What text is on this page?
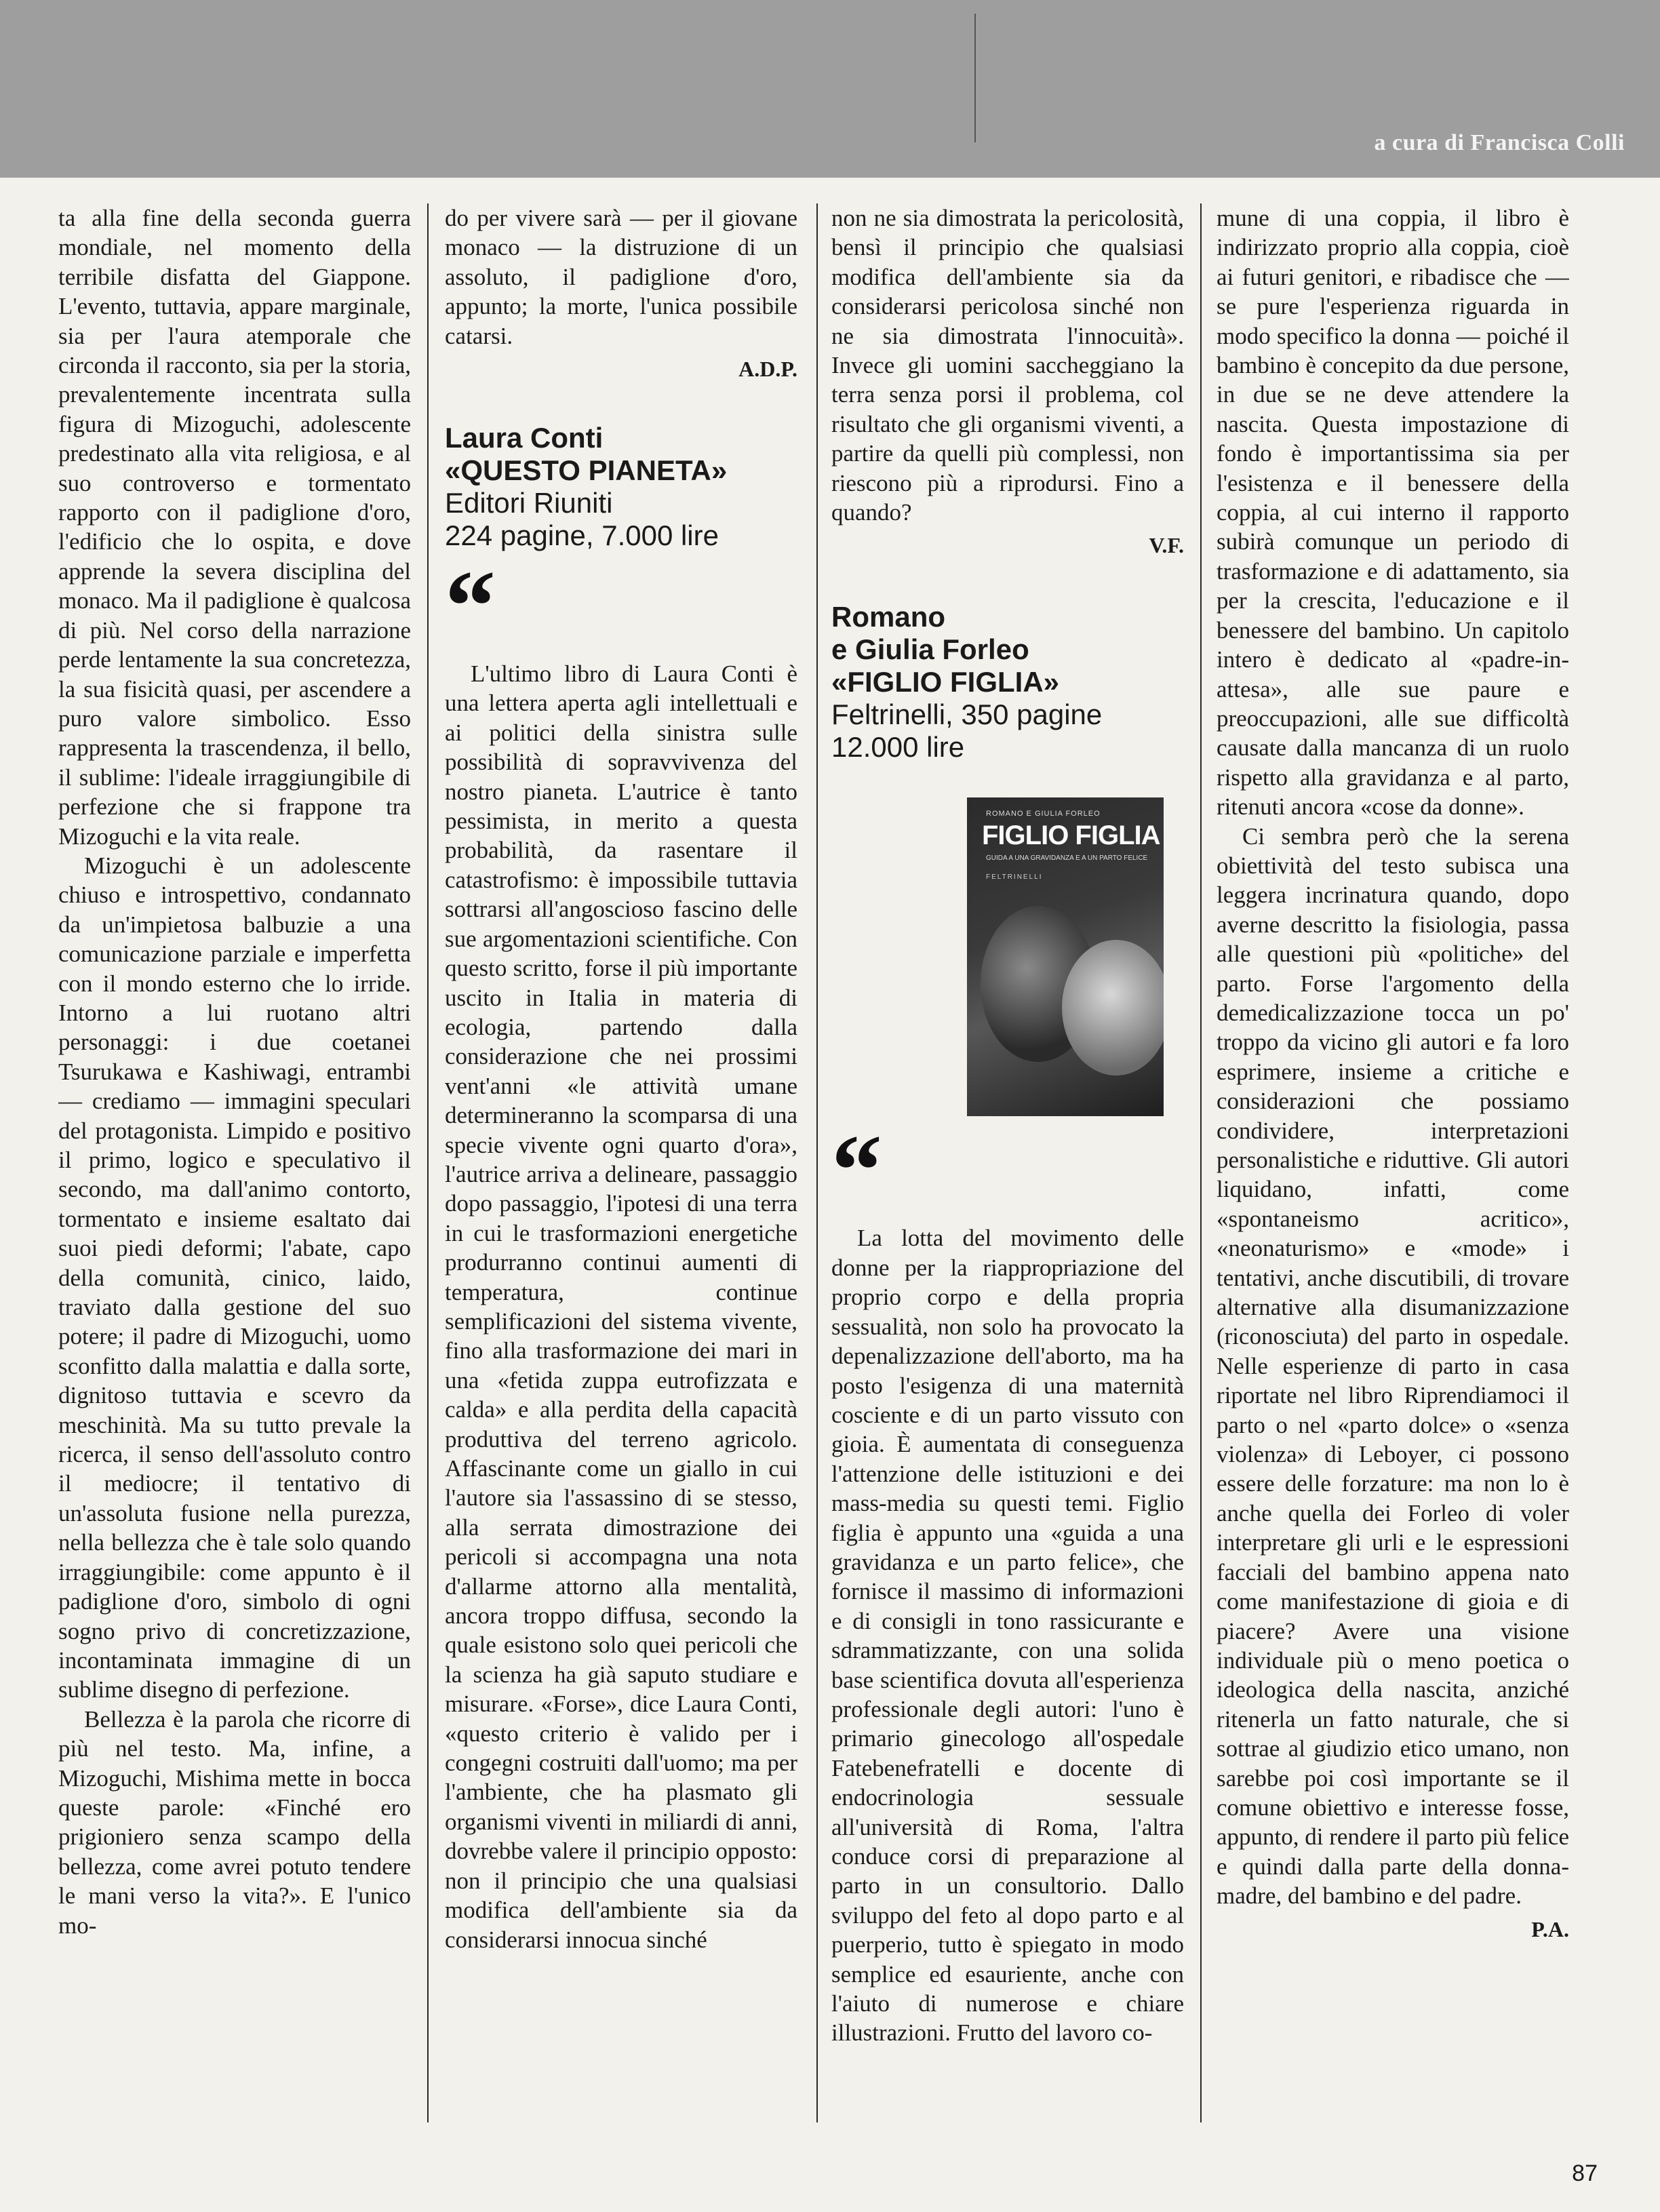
a cura di Francisca Colli

ta alla fine della seconda guerra mondiale, nel momento della terribile disfatta del Giappone. L'evento, tuttavia, appare marginale, sia per l'aura atemporale che circonda il racconto, sia per la storia, prevalentemente incentrata sulla figura di Mizoguchi, adolescente predestinato alla vita religiosa, e al suo controverso e tormentato rapporto con il padiglione d'oro, l'edificio che lo ospita, e dove apprende la severa disciplina del monaco. Ma il padiglione è qualcosa di più. Nel corso della narrazione perde lentamente la sua concretezza, la sua fisicità quasi, per ascendere a puro valore simbolico. Esso rappresenta la trascendenza, il bello, il sublime: l'ideale irraggiungibile di perfezione che si frappone tra Mizoguchi e la vita reale.

Mizoguchi è un adolescente chiuso e introspettivo, condannato da un'impietosa balbuzie a una comunicazione parziale e imperfetta con il mondo esterno che lo irride. Intorno a lui ruotano altri personaggi: i due coetanei Tsurukawa e Kashiwagi, entrambi — crediamo — immagini speculari del protagonista. Limpido e positivo il primo, logico e speculativo il secondo, ma dall'animo contorto, tormentato e insieme esaltato dai suoi piedi deformi; l'abate, capo della comunità, cinico, laido, traviato dalla gestione del suo potere; il padre di Mizoguchi, uomo sconfitto dalla malattia e dalla sorte, dignitoso tuttavia e scevro da meschinità. Ma su tutto prevale la ricerca, il senso dell'assoluto contro il mediocre; il tentativo di un'assoluta fusione nella purezza, nella bellezza che è tale solo quando irraggiungibile: come appunto è il padiglione d'oro, simbolo di ogni sogno privo di concretizzazione, incontaminata immagine di un sublime disegno di perfezione.

Bellezza è la parola che ricorre di più nel testo. Ma, infine, a Mizoguchi, Mishima mette in bocca queste parole: «Finché ero prigioniero senza scampo della bellezza, come avrei potuto tendere le mani verso la vita?». E l'unico mo-

do per vivere sarà — per il giovane monaco — la distruzione di un assoluto, il padiglione d'oro, appunto; la morte, l'unica possibile catarsi.

A.D.P.
Laura Conti
«QUESTO PIANETA»
Editori Riuniti
224 pagine, 7.000 lire
“

L'ultimo libro di Laura Conti è una lettera aperta agli intellettuali e ai politici della sinistra sulle possibilità di sopravvivenza del nostro pianeta. L'autrice è tanto pessimista, in merito a questa probabilità, da rasentare il catastrofismo: è impossibile tuttavia sottrarsi all'angoscioso fascino delle sue argomentazioni scientifiche. Con questo scritto, forse il più importante uscito in Italia in materia di ecologia, partendo dalla considerazione che nei prossimi vent'anni «le attività umane determineranno la scomparsa di una specie vivente ogni quarto d'ora», l'autrice arriva a delineare, passaggio dopo passaggio, l'ipotesi di una terra in cui le trasformazioni energetiche produrranno continui aumenti di temperatura, continue semplificazioni del sistema vivente, fino alla trasformazione dei mari in una «fetida zuppa eutrofizzata e calda» e alla perdita della capacità produttiva del terreno agricolo. Affascinante come un giallo in cui l'autore sia l'assassino di se stesso, alla serrata dimostrazione dei pericoli si accompagna una nota d'allarme attorno alla mentalità, ancora troppo diffusa, secondo la quale esistono solo quei pericoli che la scienza ha già saputo studiare e misurare. «Forse», dice Laura Conti, «questo criterio è valido per i congegni costruiti dall'uomo; ma per l'ambiente, che ha plasmato gli organismi viventi in miliardi di anni, dovrebbe valere il principio opposto: non il principio che una qualsiasi modifica dell'ambiente sia da considerarsi innocua sinché

non ne sia dimostrata la pericolosità, bensì il principio che qualsiasi modifica dell'ambiente sia da considerarsi pericolosa sinché non ne sia dimostrata l'innocuità». Invece gli uomini saccheggiano la terra senza porsi il problema, col risultato che gli organismi viventi, a partire da quelli più complessi, non riescono più a riprodursi. Fino a quando?

V.F.
Romano
e Giulia Forleo
«FIGLIO FIGLIA»
Feltrinelli, 350 pagine
12.000 lire
ROMANO E GIULIA FORLEO
FIGLIO FIGLIA
GUIDA A UNA GRAVIDANZA E A UN PARTO FELICE
FELTRINELLI
“

La lotta del movimento delle donne per la riappropriazione del proprio corpo e della propria sessualità, non solo ha provocato la depenalizzazione dell'aborto, ma ha posto l'esigenza di una maternità cosciente e di un parto vissuto con gioia. È aumentata di conseguenza l'attenzione delle istituzioni e dei mass-media su questi temi. Figlio figlia è appunto una «guida a una gravidanza e un parto felice», che fornisce il massimo di informazioni e di consigli in tono rassicurante e sdrammatizzante, con una solida base scientifica dovuta all'esperienza professionale degli autori: l'uno è primario ginecologo all'ospedale Fatebenefratelli e docente di endocrinologia sessuale all'università di Roma, l'altra conduce corsi di preparazione al parto in un consultorio. Dallo sviluppo del feto al dopo parto e al puerperio, tutto è spiegato in modo semplice ed esauriente, anche con l'aiuto di numerose e chiare illustrazioni. Frutto del lavoro co-

mune di una coppia, il libro è indirizzato proprio alla coppia, cioè ai futuri genitori, e ribadisce che — se pure l'esperienza riguarda in modo specifico la donna — poiché il bambino è concepito da due persone, in due se ne deve attendere la nascita. Questa impostazione di fondo è importantissima sia per l'esistenza e il benessere della coppia, al cui interno il rapporto subirà comunque un periodo di trasformazione e di adattamento, sia per la crescita, l'educazione e il benessere del bambino. Un capitolo intero è dedicato al «padre-in-attesa», alle sue paure e preoccupazioni, alle sue difficoltà causate dalla mancanza di un ruolo rispetto alla gravidanza e al parto, ritenuti ancora «cose da donne».

Ci sembra però che la serena obiettività del testo subisca una leggera incrinatura quando, dopo averne descritto la fisiologia, passa alle questioni più «politiche» del parto. Forse l'argomento della demedicalizzazione tocca un po' troppo da vicino gli autori e fa loro esprimere, insieme a critiche e considerazioni che possiamo condividere, interpretazioni personalistiche e riduttive. Gli autori liquidano, infatti, come «spontaneismo acritico», «neonaturismo» e «mode» i tentativi, anche discutibili, di trovare alternative alla disumanizzazione (riconosciuta) del parto in ospedale. Nelle esperienze di parto in casa riportate nel libro Riprendiamoci il parto o nel «parto dolce» o «senza violenza» di Leboyer, ci possono essere delle forzature: ma non lo è anche quella dei Forleo di voler interpretare gli urli e le espressioni facciali del bambino appena nato come manifestazione di gioia e di piacere? Avere una visione individuale più o meno poetica o ideologica della nascita, anziché ritenerla un fatto naturale, che si sottrae al giudizio etico umano, non sarebbe poi così importante se il comune obiettivo e interesse fosse, appunto, di rendere il parto più felice e quindi dalla parte della donna-madre, del bambino e del padre.

P.A.
87
